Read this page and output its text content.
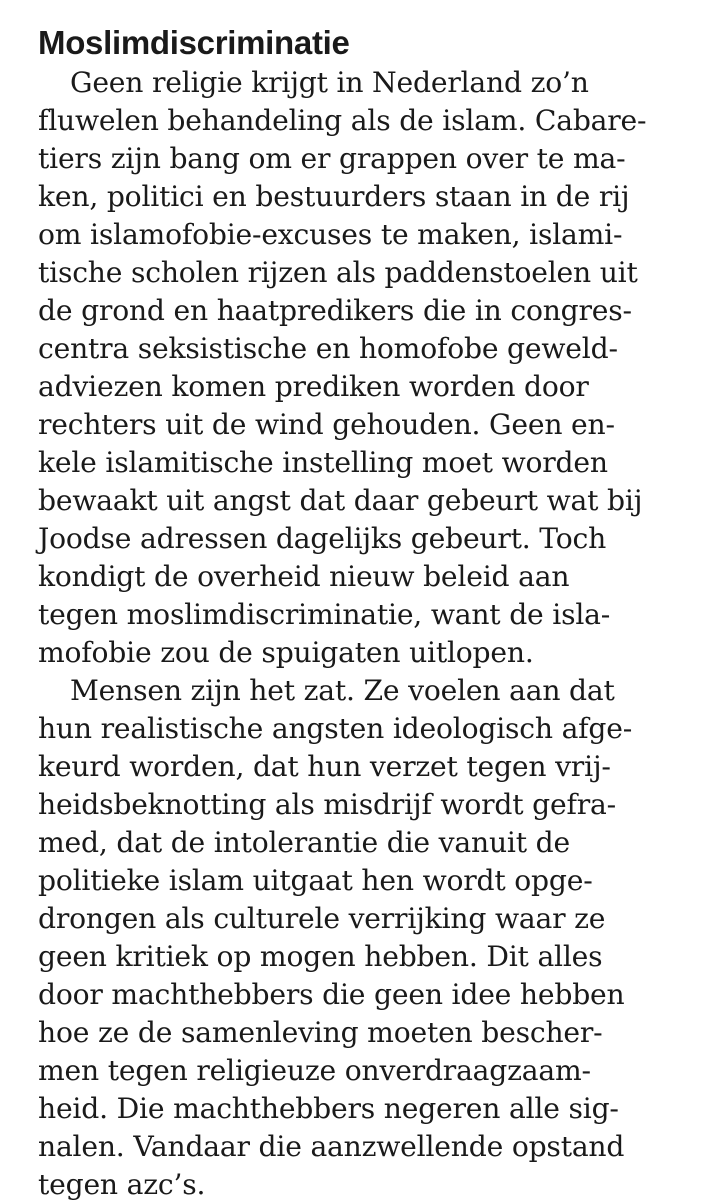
Moslimdiscriminatie

Geen religie krijgt in Nederland zo’n
fluwelen behandeling als de islam. Cabare-
tiers zijn bang om er grappen over te ma-
ken, politici en bestuurders staan in de rij
om islamofobie-excuses te maken, islami-
tische scholen rijzen als paddenstoelen uit
de grond en haatpredikers die in congres-
centra seksistische en homofobe geweld-
adviezen komen prediken worden door
rechters uit de wind gehouden. Geen en-
kele islamitische instelling moet worden
bewaakt uit angst dat daar gebeurt wat bij
Joodse adressen dagelijks gebeurt. Toch
kondigt de overheid nieuw beleid aan
tegen moslimdiscriminatie, want de isla-
mofobie zou de spuigaten uitlopen.

Mensen zijn het zat. Ze voelen aan dat
hun realistische angsten ideologisch afge-
keurd worden, dat hun verzet tegen vrij-
heidsbeknotting als misdrijf wordt gefra-
med, dat de intolerantie die vanuit de
politieke islam uitgaat hen wordt opge-
drongen als culturele verrijking waar ze
geen kritiek op mogen hebben. Dit alles
door machthebbers die geen idee hebben
hoe ze de samenleving moeten bescher-
men tegen religieuze onverdraagzaam-
heid. Die machthebbers negeren alle sig-
nalen. Vandaar die aanzwellende opstand
tegen azc’s.
